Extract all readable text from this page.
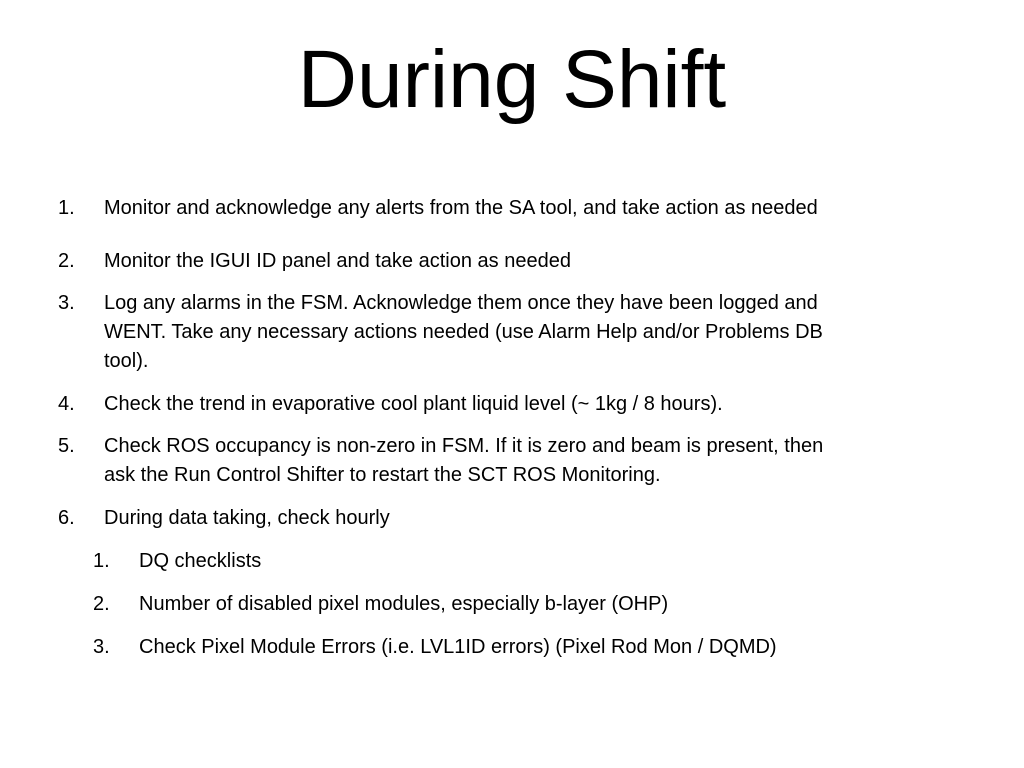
During Shift
1. Monitor and acknowledge any alerts from the SA tool, and take action as needed
2. Monitor the IGUI ID panel and take action as needed
3. Log any alarms in the FSM. Acknowledge them once they have been logged and
WENT. Take any necessary actions needed (use Alarm Help and/or Problems DB
tool).
4. Check the trend in evaporative cool plant liquid level (~ 1kg / 8 hours).
5. Check ROS occupancy is non-zero in FSM. If it is zero and beam is present, then
ask the Run Control Shifter to restart the SCT ROS Monitoring.
6. During data taking, check hourly
1. DQ checklists
2. Number of disabled pixel modules, especially b-layer (OHP)
3. Check Pixel Module Errors (i.e. LVL1ID errors) (Pixel Rod Mon / DQMD)
